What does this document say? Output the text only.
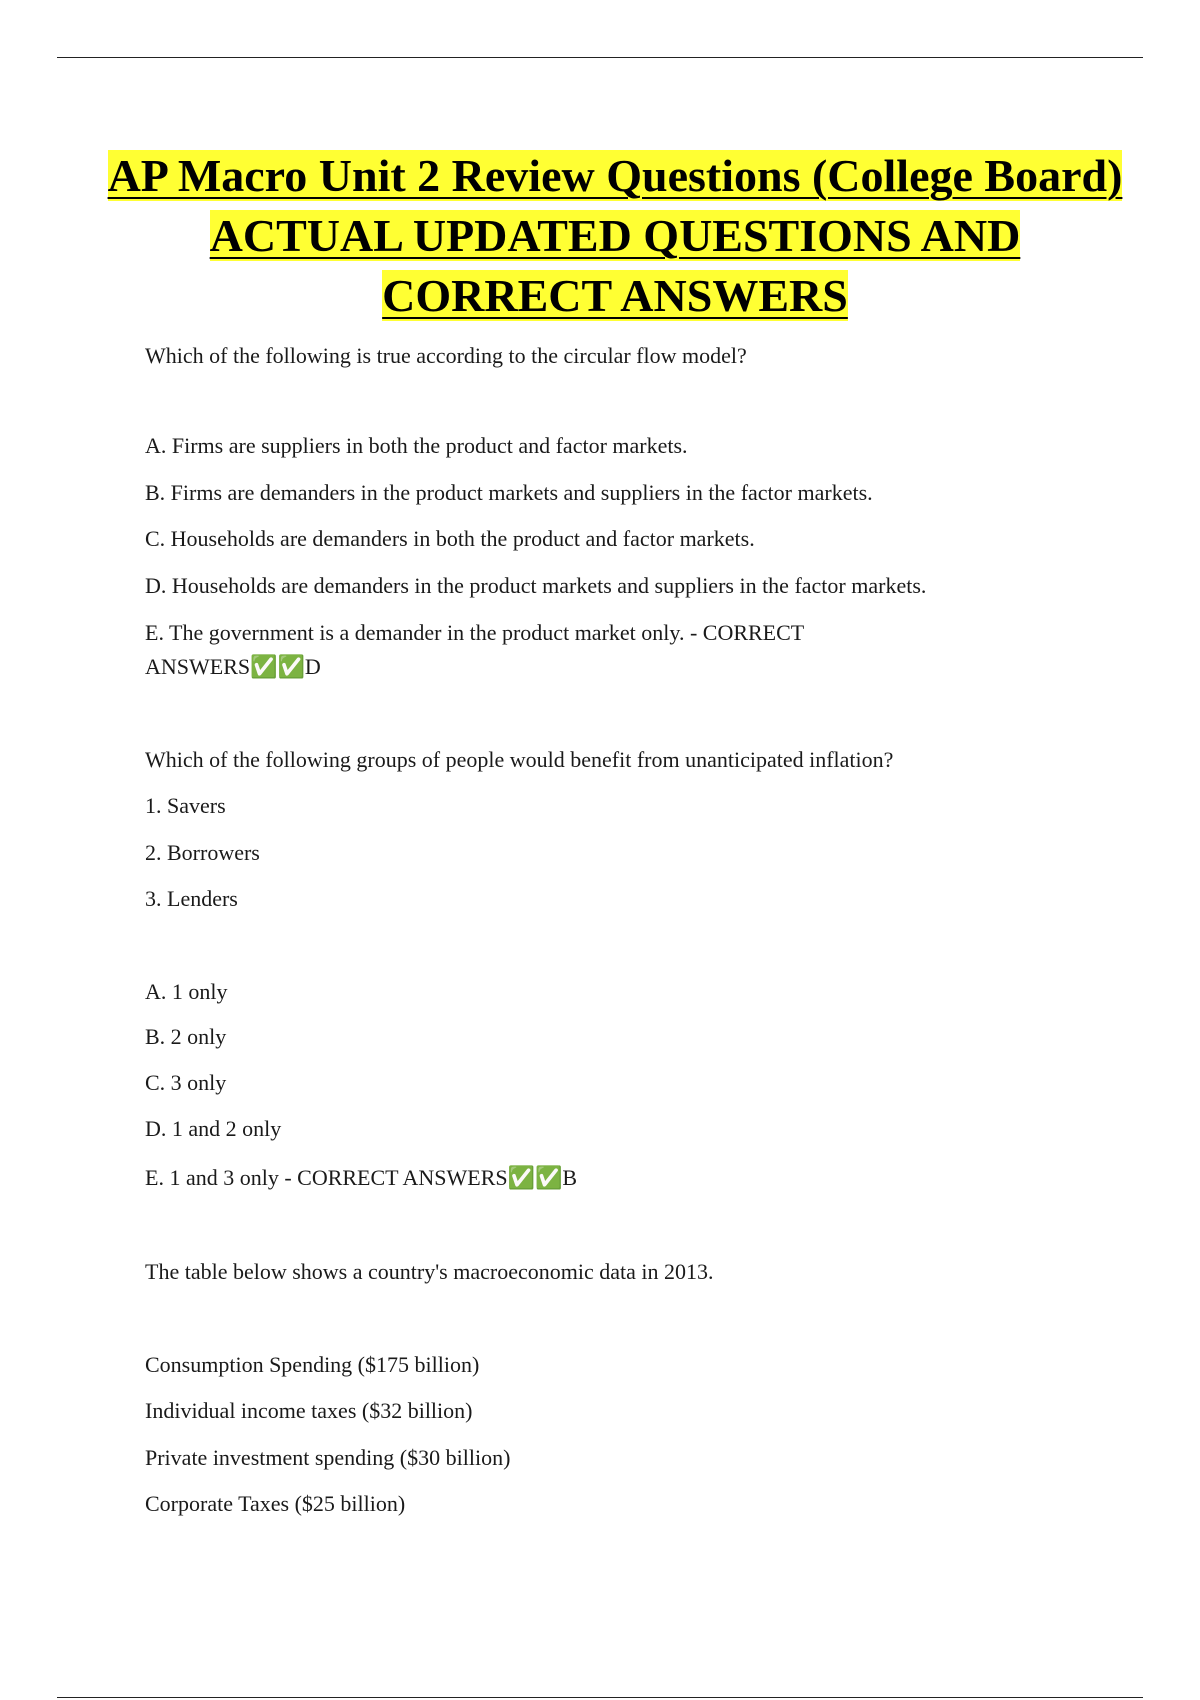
AP Macro Unit 2 Review Questions (College Board) ACTUAL UPDATED QUESTIONS AND CORRECT ANSWERS

Which of the following is true according to the circular flow model?

A. Firms are suppliers in both the product and factor markets.

B. Firms are demanders in the product markets and suppliers in the factor markets.

C. Households are demanders in both the product and factor markets.

D. Households are demanders in the product markets and suppliers in the factor markets.

E. The government is a demander in the product market only. - CORRECT ANSWERS✅✅D

Which of the following groups of people would benefit from unanticipated inflation?

1. Savers

2. Borrowers

3. Lenders

A. 1 only

B. 2 only

C. 3 only

D. 1 and 2 only

E. 1 and 3 only - CORRECT ANSWERS✅✅B

The table below shows a country's macroeconomic data in 2013.

Consumption Spending ($175 billion)

Individual income taxes ($32 billion)

Private investment spending ($30 billion)

Corporate Taxes ($25 billion)
